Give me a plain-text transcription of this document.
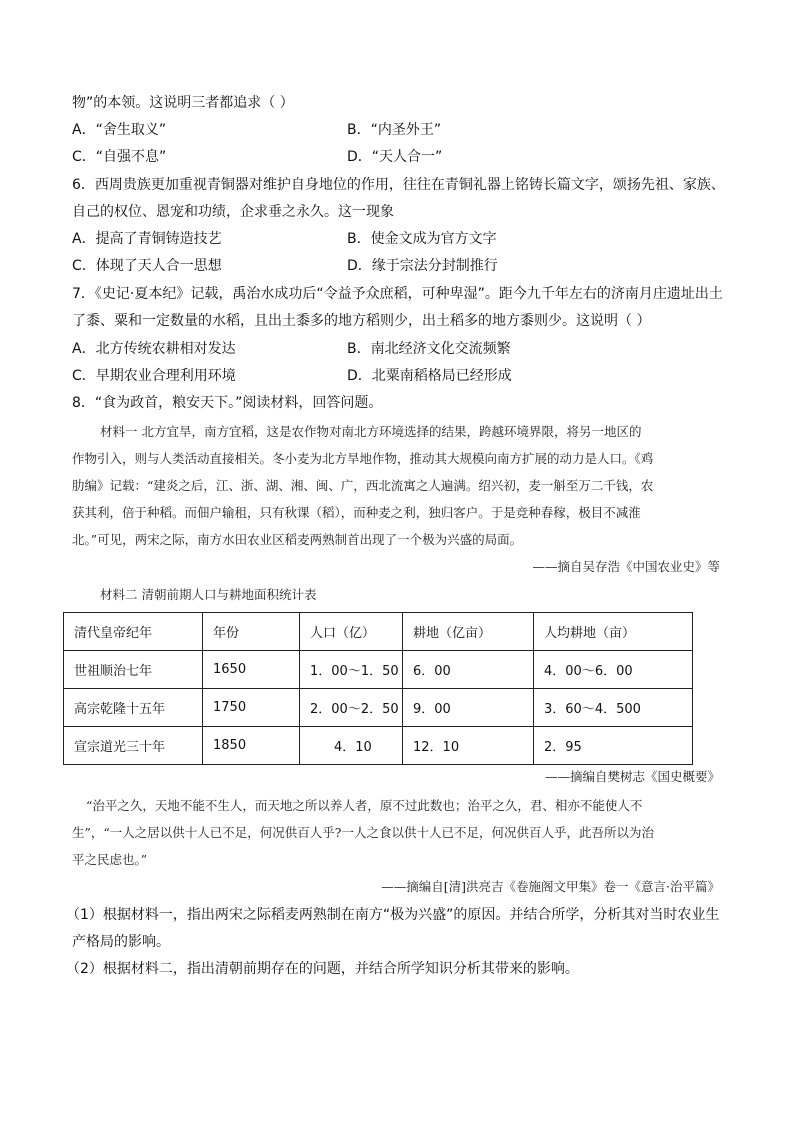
物”的本领。这说明三者都追求（ ）
A．“舍生取义”	B．“内圣外王”
C．“自强不息”	D．“天人合一”
6．西周贵族更加重视青铜器对维护自身地位的作用，往往在青铜礼器上铭铸长篇文字，颂扬先祖、家族、
自己的权位、恩宠和功绩，企求垂之永久。这一现象
A．提高了青铜铸造技艺	B．使金文成为官方文字
C．体现了天人合一思想	D．缘于宗法分封制推行
7．《史记·夏本纪》记载，禹治水成功后“令益予众庶稻，可种卑湿”。距今九千年左右的济南月庄遗址出土
了黍、粟和一定数量的水稻，且出土黍多的地方稻则少，出土稻多的地方黍则少。这说明（ ）
A．北方传统农耕相对发达	B．南北经济文化交流频繁
C．早期农业合理利用环境	D．北粟南稻格局已经形成
8．“食为政首，粮安天下。”阅读材料，回答问题。
材料一 北方宜旱，南方宜稻，这是农作物对南北方环境选择的结果，跨越环境界限，将另一地区的
作物引入，则与人类活动直接相关。冬小麦为北方旱地作物，推动其大规模向南方扩展的动力是人口。《鸡
肋编》记载：“建炎之后，江、浙、湖、湘、闽、广，西北流寓之人遍满。绍兴初，麦一斛至万二千钱，农
获其利，倍于种稻。而佃户输租，只有秋课（稻），而种麦之利，独归客户。于是竞种春稼，极目不减淮
北。”可见，两宋之际，南方水田农业区稻麦两熟制首出现了一个极为兴盛的局面。
——摘自吴存浩《中国农业史》等
材料二 清朝前期人口与耕地面积统计表
清代皇帝纪年	年份	人口（亿）	耕地（亿亩）	人均耕地（亩）
世祖顺治七年	1650	1．00～1．50	6．00	4．00～6．00
高宗乾隆十五年	1750	2．00～2．50	9．00	3．60～4．500
宣宗道光三十年	1850	4．10	12．10	2．95
——摘编自樊树志《国史概要》
“治平之久，天地不能不生人，而天地之所以养人者，原不过此数也；治平之久，君、相亦不能使人不
生”，“一人之居以供十人已不足，何况供百人乎?一人之食以供十人已不足，何况供百人乎，此吾所以为治
平之民虑也。”
——摘编自[清]洪亮吉《卷施阁文甲集》卷一《意言·治平篇》
（1）根据材料一，指出两宋之际稻麦两熟制在南方“极为兴盛”的原因。并结合所学，分析其对当时农业生
产格局的影响。
（2）根据材料二，指出清朝前期存在的问题，并结合所学知识分析其带来的影响。
